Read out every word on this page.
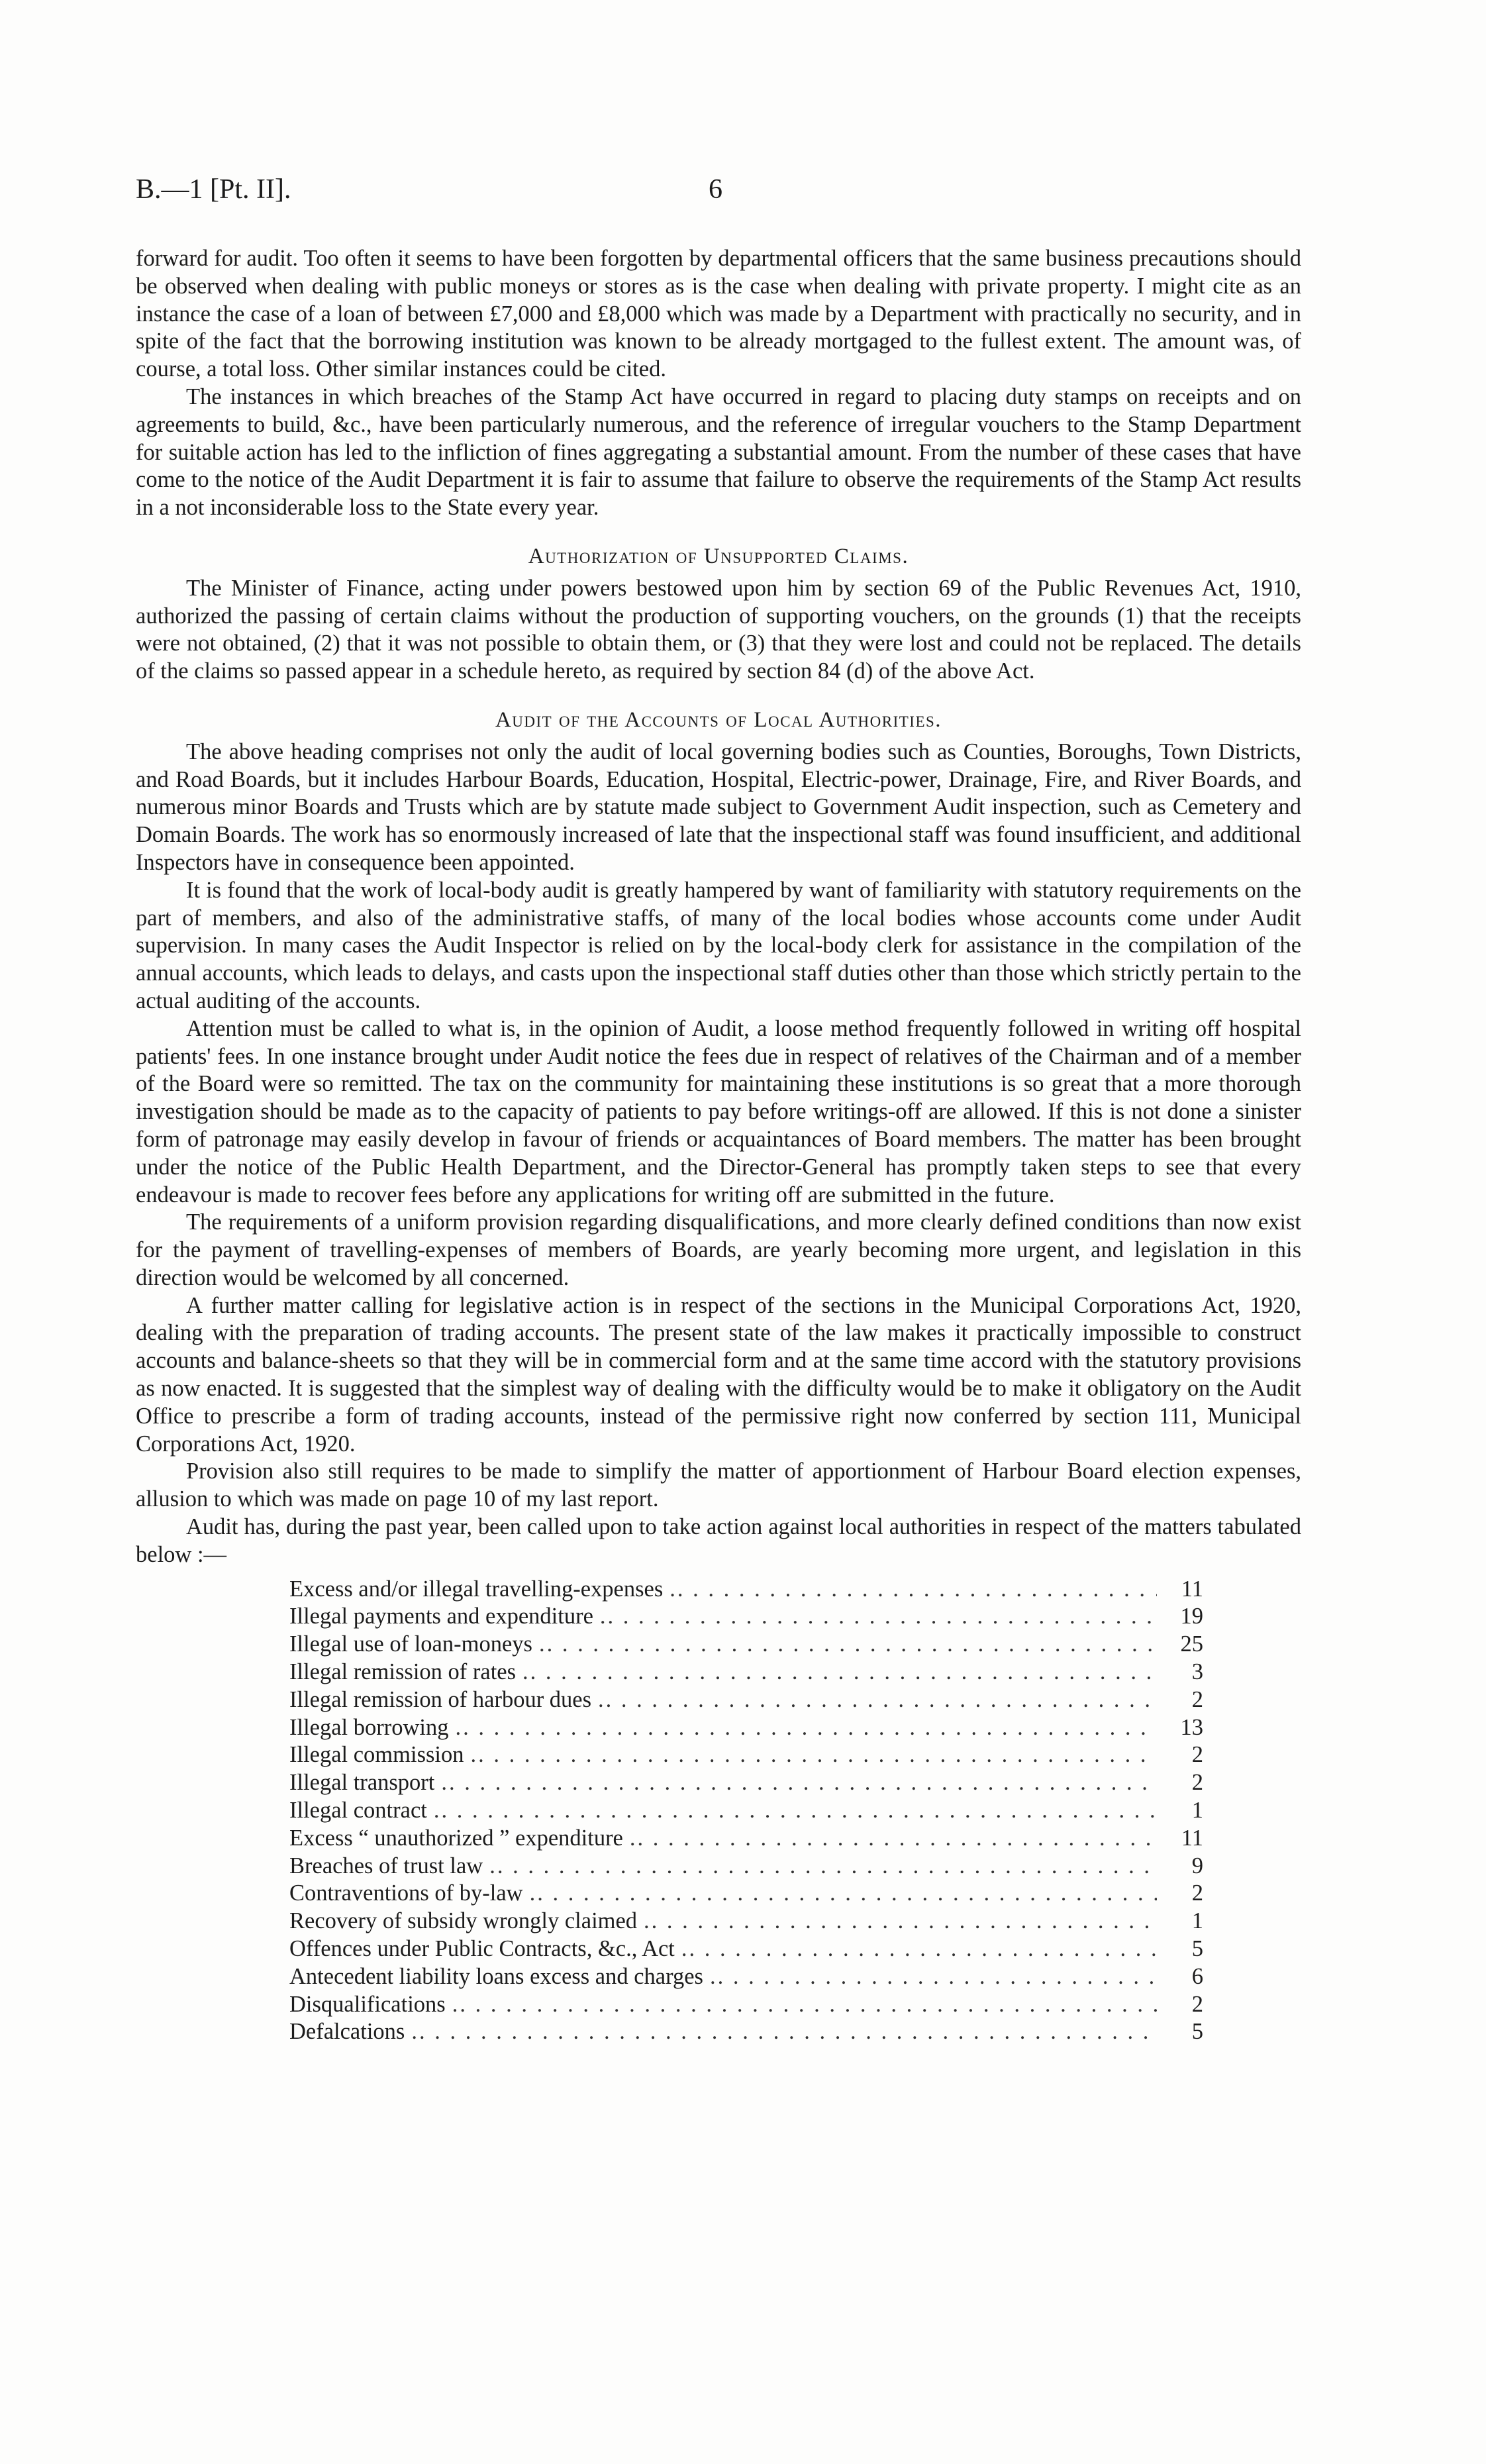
B.—1 [Pt. II].	6

forward for audit. Too often it seems to have been forgotten by departmental officers that the same business precautions should be observed when dealing with public moneys or stores as is the case when dealing with private property. I might cite as an instance the case of a loan of between £7,000 and £8,000 which was made by a Department with practically no security, and in spite of the fact that the borrowing institution was known to be already mortgaged to the fullest extent. The amount was, of course, a total loss. Other similar instances could be cited.

The instances in which breaches of the Stamp Act have occurred in regard to placing duty stamps on receipts and on agreements to build, &c., have been particularly numerous, and the reference of irregular vouchers to the Stamp Department for suitable action has led to the infliction of fines aggregating a substantial amount. From the number of these cases that have come to the notice of the Audit Department it is fair to assume that failure to observe the requirements of the Stamp Act results in a not inconsiderable loss to the State every year.

Authorization of Unsupported Claims.

The Minister of Finance, acting under powers bestowed upon him by section 69 of the Public Revenues Act, 1910, authorized the passing of certain claims without the production of supporting vouchers, on the grounds (1) that the receipts were not obtained, (2) that it was not possible to obtain them, or (3) that they were lost and could not be replaced. The details of the claims so passed appear in a schedule hereto, as required by section 84 (d) of the above Act.

Audit of the Accounts of Local Authorities.

The above heading comprises not only the audit of local governing bodies such as Counties, Boroughs, Town Districts, and Road Boards, but it includes Harbour Boards, Education, Hospital, Electric-power, Drainage, Fire, and River Boards, and numerous minor Boards and Trusts which are by statute made subject to Government Audit inspection, such as Cemetery and Domain Boards. The work has so enormously increased of late that the inspectional staff was found insufficient, and additional Inspectors have in consequence been appointed.

It is found that the work of local-body audit is greatly hampered by want of familiarity with statutory requirements on the part of members, and also of the administrative staffs, of many of the local bodies whose accounts come under Audit supervision. In many cases the Audit Inspector is relied on by the local-body clerk for assistance in the compilation of the annual accounts, which leads to delays, and casts upon the inspectional staff duties other than those which strictly pertain to the actual auditing of the accounts.

Attention must be called to what is, in the opinion of Audit, a loose method frequently followed in writing off hospital patients' fees. In one instance brought under Audit notice the fees due in respect of relatives of the Chairman and of a member of the Board were so remitted. The tax on the community for maintaining these institutions is so great that a more thorough investigation should be made as to the capacity of patients to pay before writings-off are allowed. If this is not done a sinister form of patronage may easily develop in favour of friends or acquaintances of Board members. The matter has been brought under the notice of the Public Health Department, and the Director-General has promptly taken steps to see that every endeavour is made to recover fees before any applications for writing off are submitted in the future.

The requirements of a uniform provision regarding disqualifications, and more clearly defined conditions than now exist for the payment of travelling-expenses of members of Boards, are yearly becoming more urgent, and legislation in this direction would be welcomed by all concerned.

A further matter calling for legislative action is in respect of the sections in the Municipal Corporations Act, 1920, dealing with the preparation of trading accounts. The present state of the law makes it practically impossible to construct accounts and balance-sheets so that they will be in commercial form and at the same time accord with the statutory provisions as now enacted. It is suggested that the simplest way of dealing with the difficulty would be to make it obligatory on the Audit Office to prescribe a form of trading accounts, instead of the permissive right now conferred by section 111, Municipal Corporations Act, 1920.

Provision also still requires to be made to simplify the matter of apportionment of Harbour Board election expenses, allusion to which was made on page 10 of my last report.

Audit has, during the past year, been called upon to take action against local authorities in respect of the matters tabulated below :—

Excess and/or illegal travelling-expenses .. .	11
Illegal payments and expenditure .. .	19
Illegal use of loan-moneys .. .	25
Illegal remission of rates .. .	3
Illegal remission of harbour dues .. .	2
Illegal borrowing .. .	13
Illegal commission .. .	2
Illegal transport .. .	2
Illegal contract .. .	1
Excess “ unauthorized ” expenditure .. .	11
Breaches of trust law .. .	9
Contraventions of by-law .. .	2
Recovery of subsidy wrongly claimed .. .	1
Offences under Public Contracts, &c., Act .. .	5
Antecedent liability loans excess and charges .. .	6
Disqualifications .. .	2
Defalcations .. .	5
